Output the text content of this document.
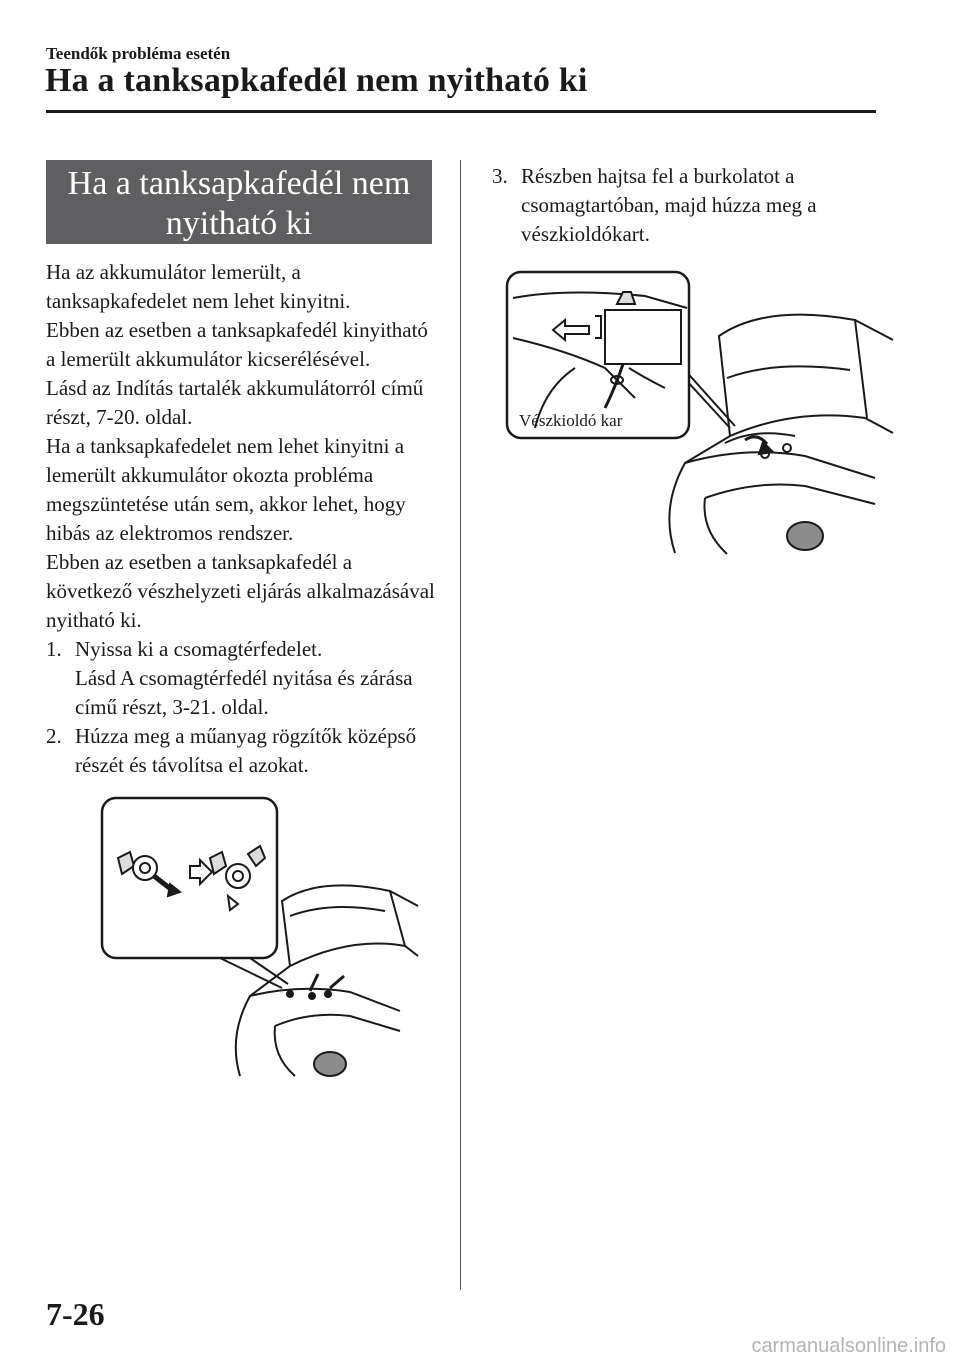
Teendők probléma esetén
Ha a tanksapkafedél nem nyitható ki
Ha a tanksapkafedél nem
nyitható ki

Ha az akkumulátor lemerült, a tanksapkafedelet nem lehet kinyitni.

Ebben az esetben a tanksapkafedél kinyitható a lemerült akkumulátor kicserélésével.

Lásd az Indítás tartalék akkumulátorról című részt, 7-20. oldal.

Ha a tanksapkafedelet nem lehet kinyitni a lemerült akkumulátor okozta probléma megszüntetése után sem, akkor lehet, hogy hibás az elektromos rendszer.

Ebben az esetben a tanksapkafedél a következő vészhelyzeti eljárás alkalmazásával nyitható ki.

1. Nyissa ki a csomagtérfedelet.
Lásd A csomagtérfedél nyitása és zárása című részt, 3-21. oldal.
2. Húzza meg a műanyag rögzítők középső részét és távolítsa el azokat.
3. Részben hajtsa fel a burkolatot a csomagtartóban, majd húzza meg a vészkioldókart.
Vészkioldó kar
7-26
carmanualsonline.info
